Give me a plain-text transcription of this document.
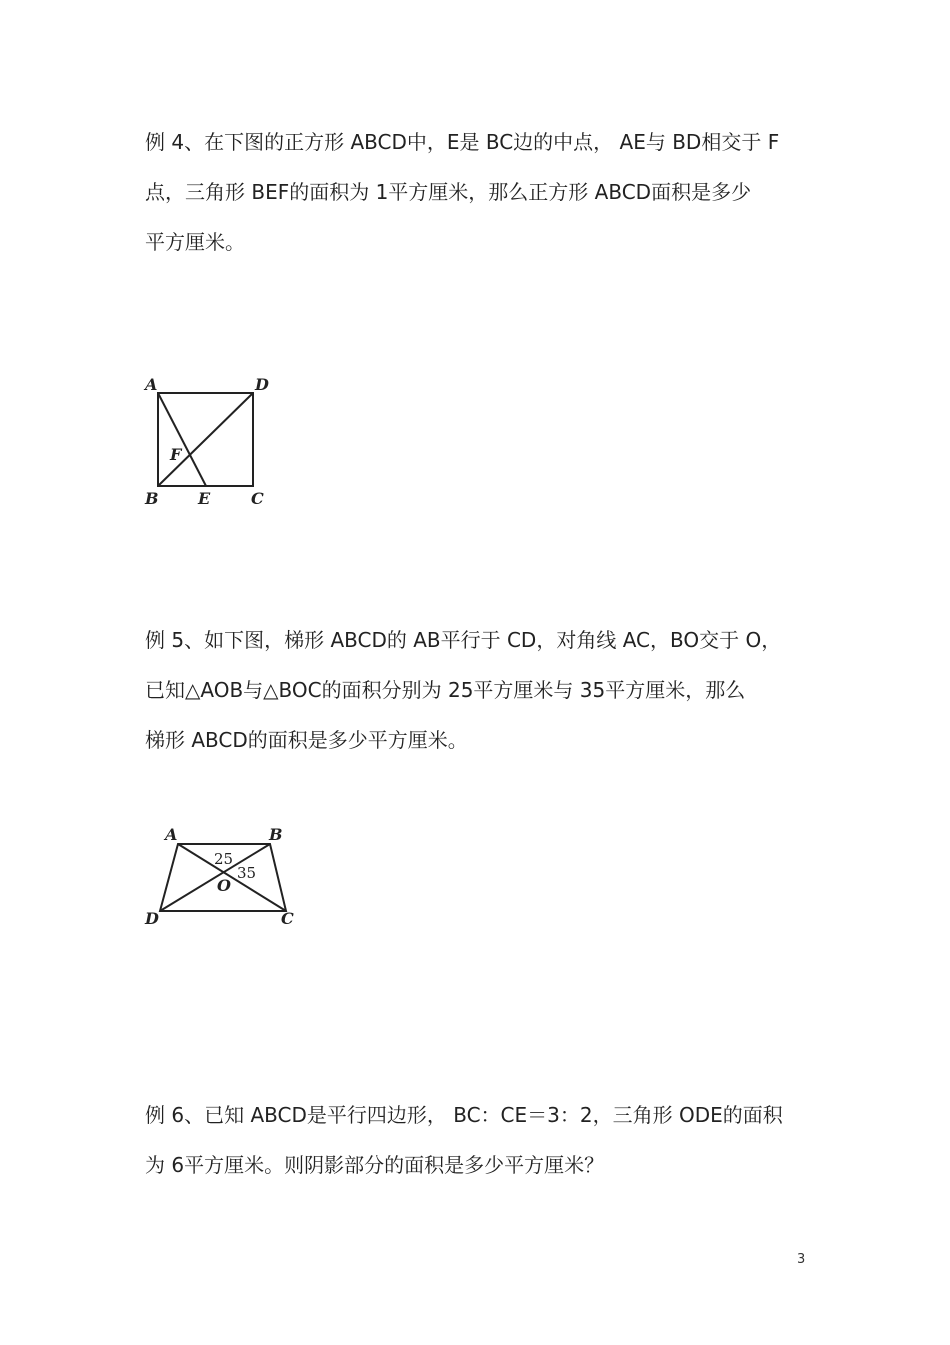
例 4、在下图的正方形 ABCD中，E是 BC边的中点， AE与 BD相交于 F
点，三角形 BEF的面积为 1平方厘米，那么正方形 ABCD面积是多少
平方厘米。
A	D
F
B E	C
例 5、如下图，梯形 ABCD的 AB平行于 CD，对角线 AC，BO交于 O，
已知△AOB与△BOC的面积分别为 25平方厘米与 35平方厘米，那么
梯形 ABCD的面积是多少平方厘米。
A	B
25
35
O
D	C
例 6、已知 ABCD是平行四边形， BC：CE＝3：2，三角形 ODE的面积
为 6平方厘米。则阴影部分的面积是多少平方厘米？
3
